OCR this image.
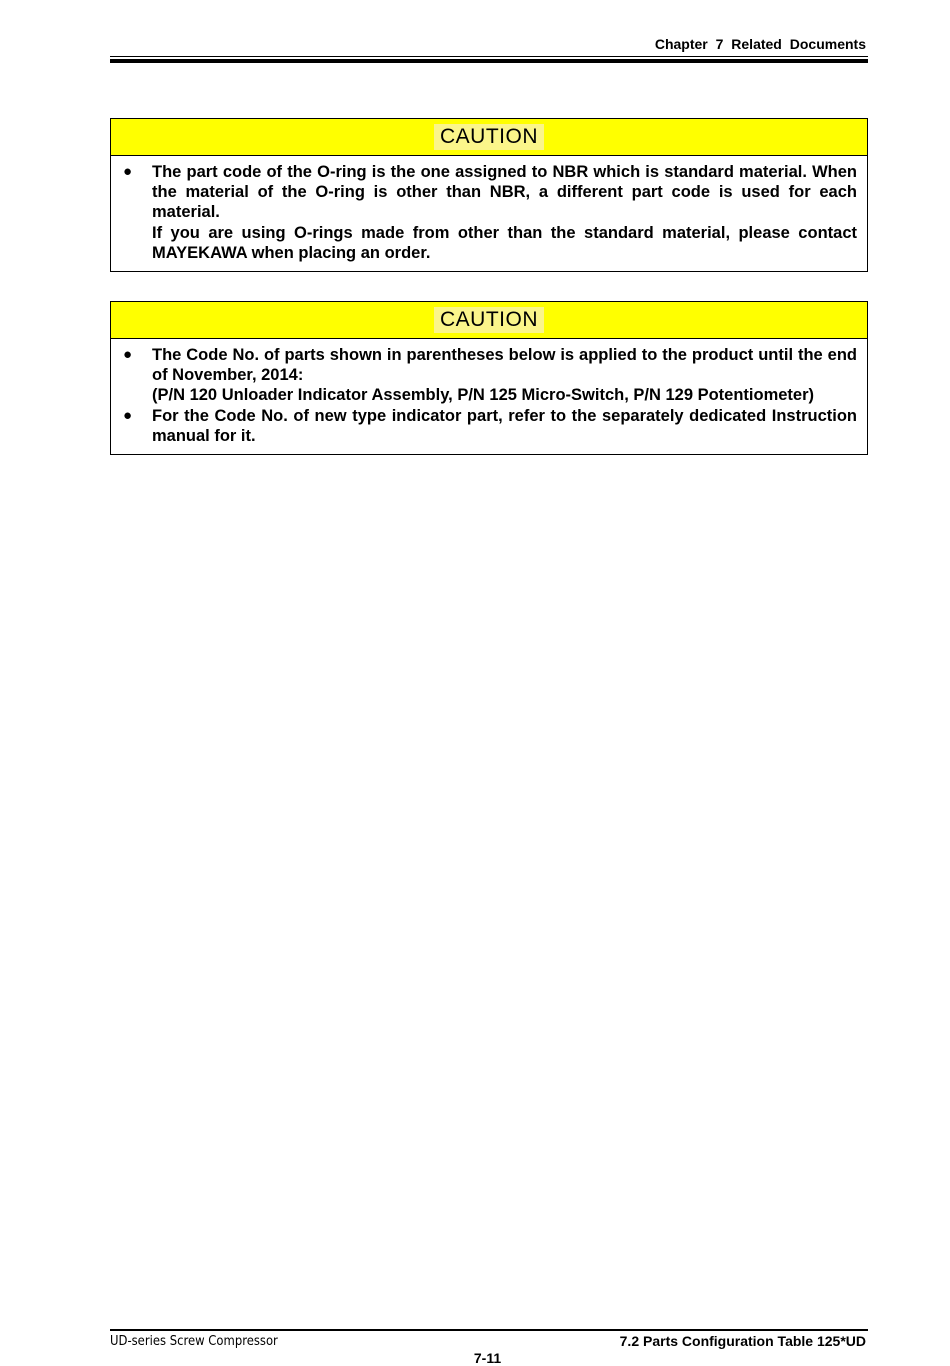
Chapter 7 Related Documents
CAUTION
●	The part code of the O-ring is the one assigned to NBR which is standard material. When the material of the O-ring is other than NBR, a different part code is used for each material.

If you are using O-rings made from other than the standard material, please contact MAYEKAWA when placing an order.

CAUTION
●	The Code No. of parts shown in parentheses below is applied to the product until the end of November, 2014:

(P/N 120 Unloader Indicator Assembly, P/N 125 Micro-Switch, P/N 129 Potentiometer)

●	For the Code No. of new type indicator part, refer to the separately dedicated Instruction manual for it.

UD-series Screw Compressor	7.2 Parts Configuration Table 125*UD
7-11
